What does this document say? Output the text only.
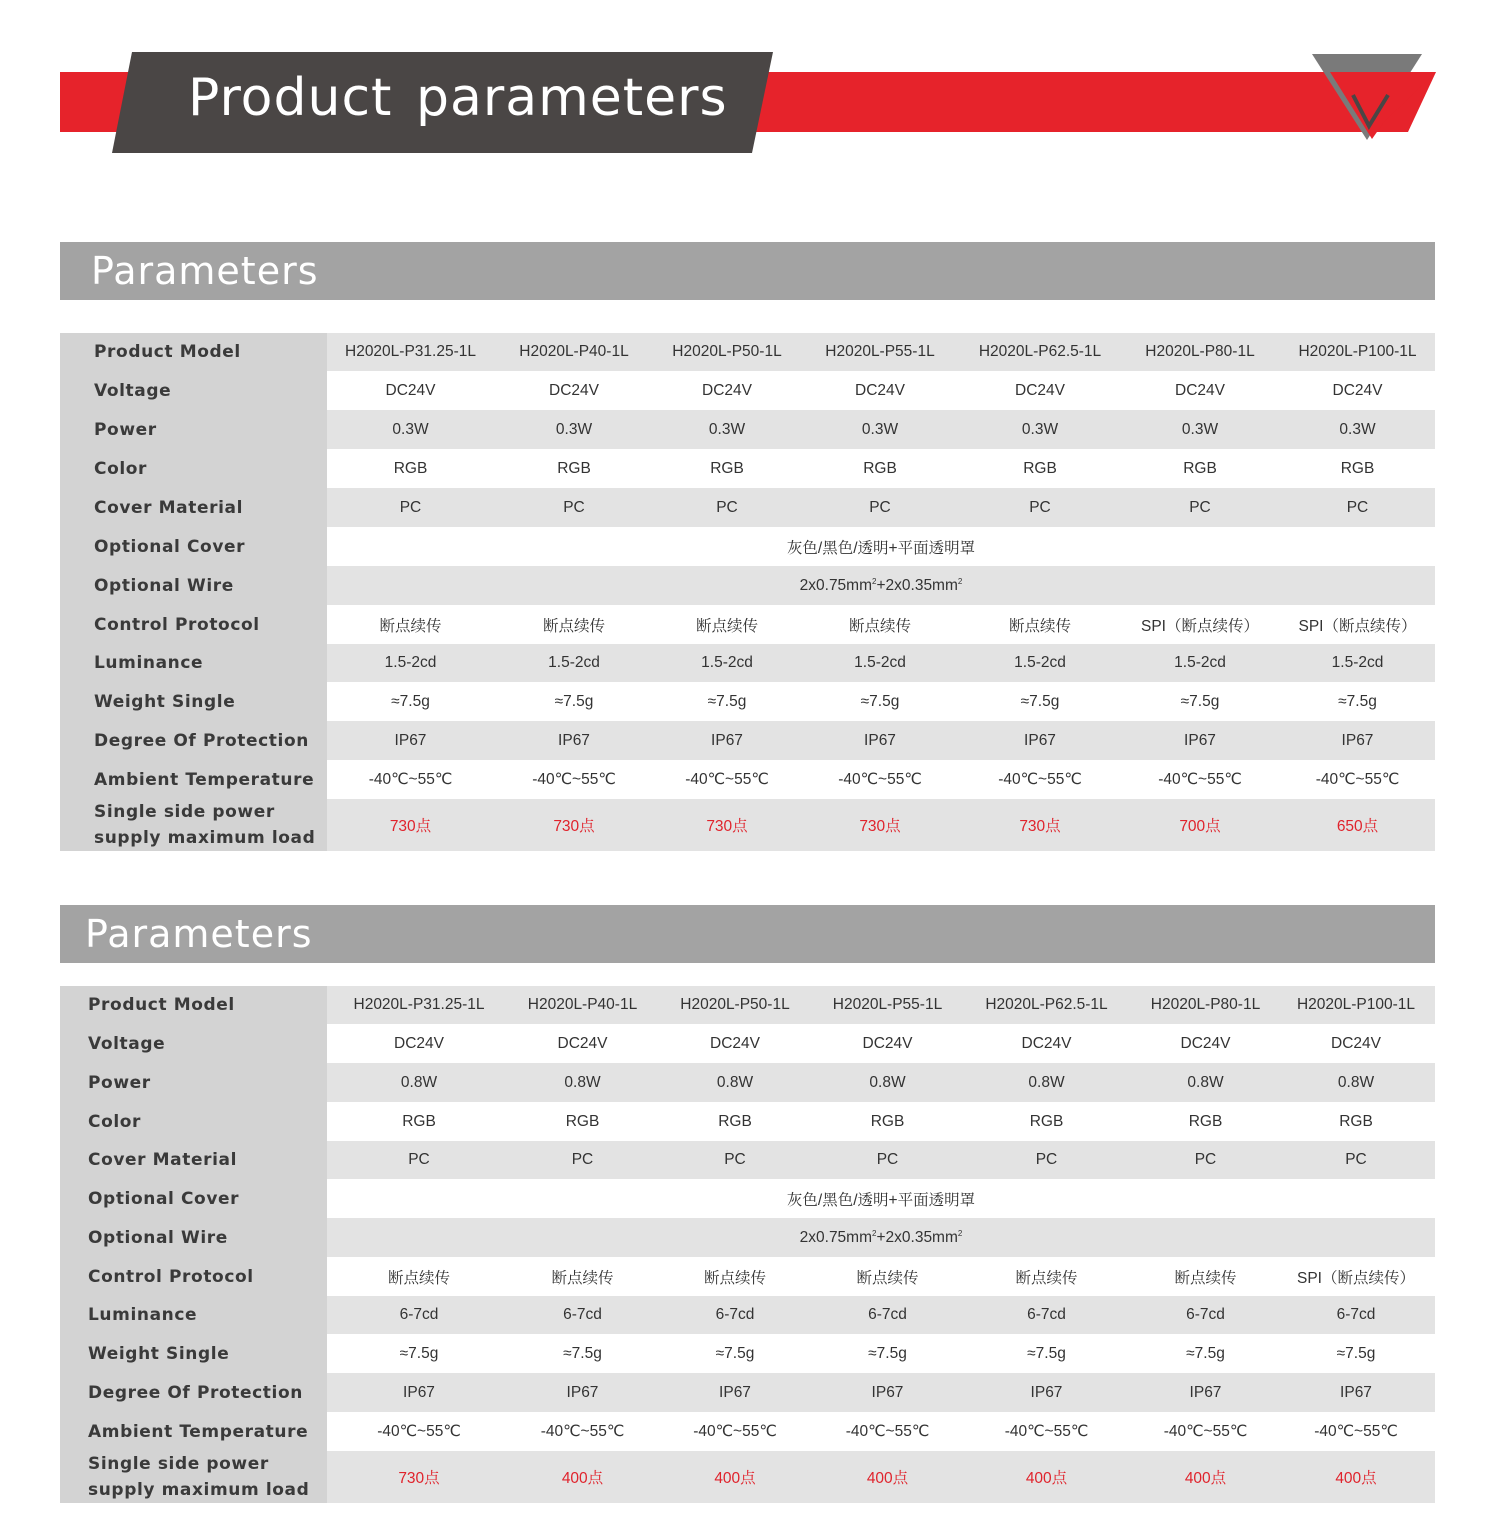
Product parameters
Parameters
Product Model	H2020L-P31.25-1L	H2020L-P40-1L	H2020L-P50-1L	H2020L-P55-1L	H2020L-P62.5-1L	H2020L-P80-1L	H2020L-P100-1L
Voltage	DC24V	DC24V	DC24V	DC24V	DC24V	DC24V	DC24V
Power	0.3W	0.3W	0.3W	0.3W	0.3W	0.3W	0.3W
Color	RGB	RGB	RGB	RGB	RGB	RGB	RGB
Cover Material	PC	PC	PC	PC	PC	PC	PC
Optional Cover	灰色/黑色/透明+平面透明罩						
Optional Wire	$2x0.75mm^2+2x0.35mm^2$
Control Protocol	断点续传	断点续传	断点续传	断点续传	断点续传	SPI（断点续传）	SPI（断点续传）
Luminance	1.5-2cd	1.5-2cd	1.5-2cd	1.5-2cd	1.5-2cd	1.5-2cd	1.5-2cd
Weight Single	≈7.5g	≈7.5g	≈7.5g	≈7.5g	≈7.5g	≈7.5g	≈7.5g
Degree Of Protection	IP67	IP67	IP67	IP67	IP67	IP67	IP67
Ambient Temperature	-40℃~55℃	-40℃~55℃	-40℃~55℃	-40℃~55℃	-40℃~55℃	-40℃~55℃	-40℃~55℃

Single side power
supply maximum load	730点	730点	730点	730点	730点	700点	650点
Parameters
Product Model	H2020L-P31.25-1L	H2020L-P40-1L	H2020L-P50-1L	H2020L-P55-1L	H2020L-P62.5-1L	H2020L-P80-1L	H2020L-P100-1L
Voltage	DC24V	DC24V	DC24V	DC24V	DC24V	DC24V	DC24V
Power	0.8W	0.8W	0.8W	0.8W	0.8W	0.8W	0.8W
Color	RGB	RGB	RGB	RGB	RGB	RGB	RGB
Cover Material	PC	PC	PC	PC	PC	PC	PC
Optional Cover	灰色/黑色/透明+平面透明罩						
Optional Wire	$2x0.75mm^2+2x0.35mm^2$
Control Protocol	断点续传	断点续传	断点续传	断点续传	断点续传	断点续传	SPI（断点续传）
Luminance	6-7cd	6-7cd	6-7cd	6-7cd	6-7cd	6-7cd	6-7cd
Weight Single	≈7.5g	≈7.5g	≈7.5g	≈7.5g	≈7.5g	≈7.5g	≈7.5g
Degree Of Protection	IP67	IP67	IP67	IP67	IP67	IP67	IP67
Ambient Temperature	-40℃~55℃	-40℃~55℃	-40℃~55℃	-40℃~55℃	-40℃~55℃	-40℃~55℃	-40℃~55℃

Single side power
supply maximum load	730点	400点	400点	400点	400点	400点	400点
